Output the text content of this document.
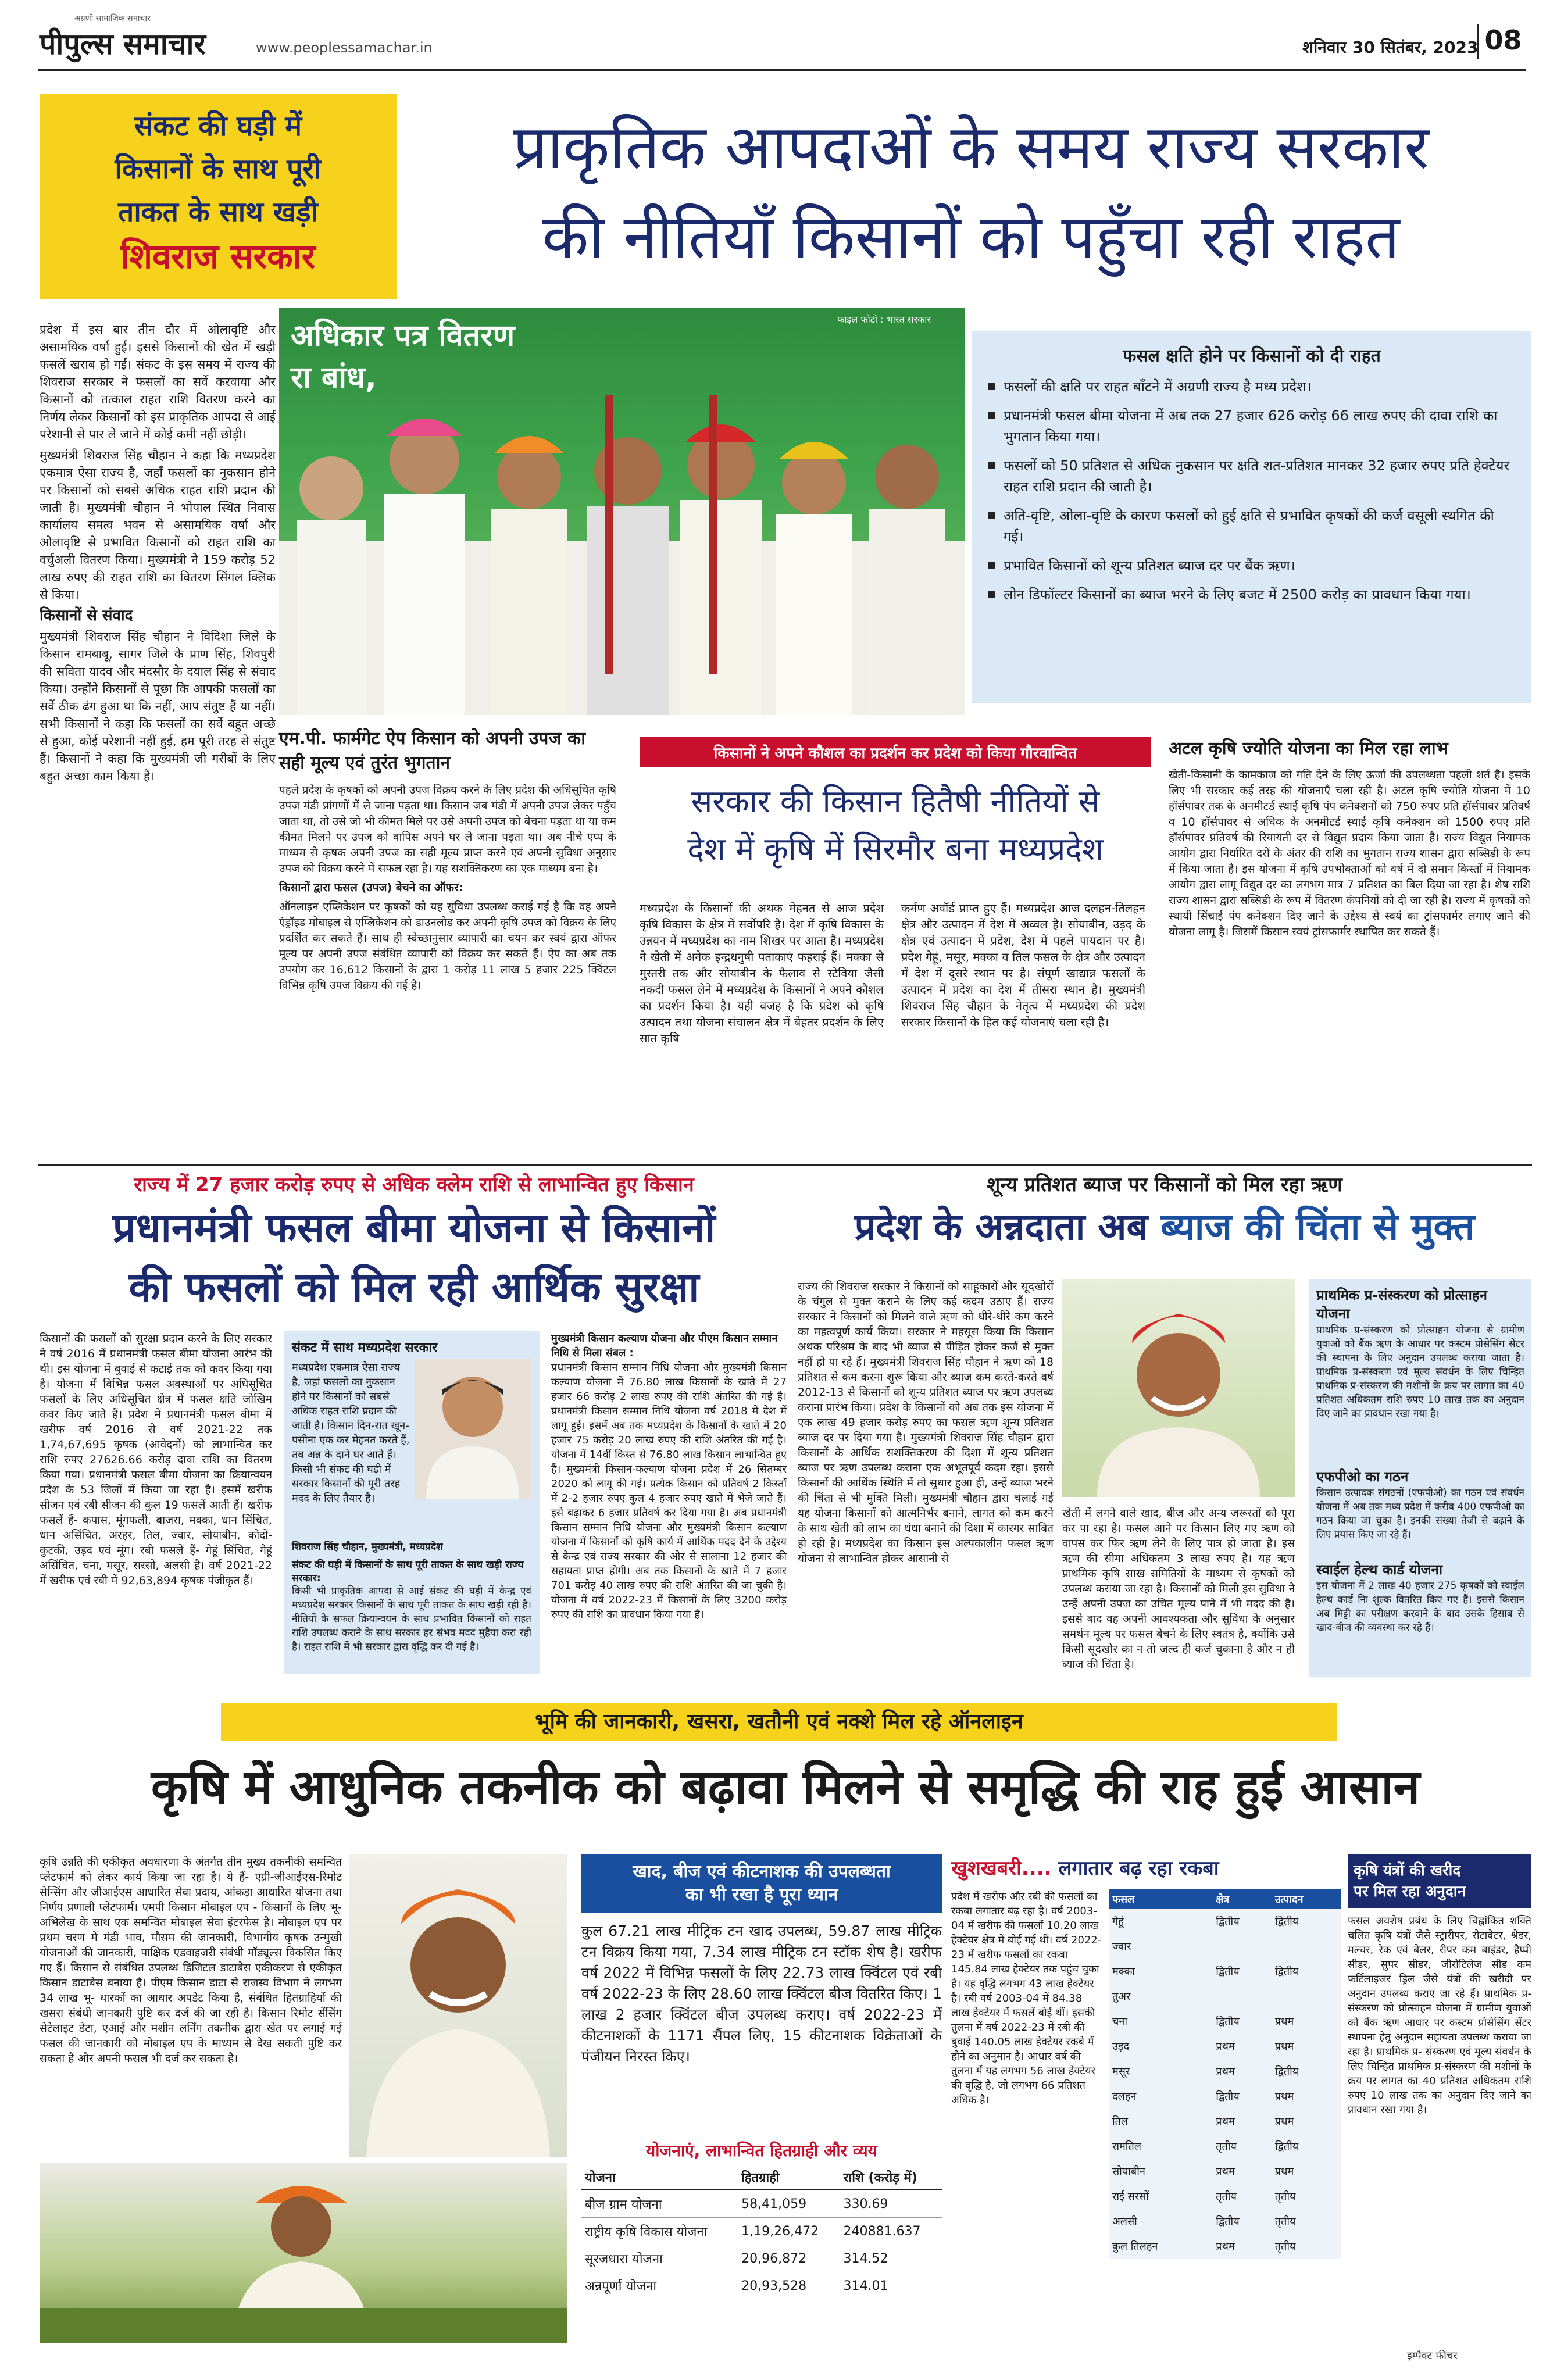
अग्रणी सामाजिक समाचार
पीपुल्स समाचार	www.peoplessamachar.in	शनिवार 30 सितंबर, 2023 08
संकट की घड़ी में
किसानों के साथ पूरी
ताकत के साथ खड़ी
शिवराज सरकार
प्राकृतिक आपदाओं के समय राज्य सरकार
की नीतियाँ किसानों को पहुँचा रही राहत

प्रदेश में इस बार तीन दौर में ओलावृष्टि और असामयिक वर्षा हुई। इससे किसानों की खेत में खड़ी फसलें खराब हो गईं। संकट के इस समय में राज्य की शिवराज सरकार ने फसलों का सर्वे करवाया और किसानों को तत्काल राहत राशि वितरण करने का निर्णय लेकर किसानों को इस प्राकृतिक आपदा से आई परेशानी से पार ले जाने में कोई कमी नहीं छोड़ी।

मुख्यमंत्री शिवराज सिंह चौहान ने कहा कि मध्यप्रदेश एकमात्र ऐसा राज्य है, जहाँ फसलों का नुकसान होने पर किसानों को सबसे अधिक राहत राशि प्रदान की जाती है। मुख्यमंत्री चौहान ने भोपाल स्थित निवास कार्यालय समत्व भवन से असामयिक वर्षा और ओलावृष्टि से प्रभावित किसानों को राहत राशि का वर्चुअली वितरण किया। मुख्यमंत्री ने 159 करोड़ 52 लाख रुपए की राहत राशि का वितरण सिंगल क्लिक से किया।

किसानों से संवाद

मुख्यमंत्री शिवराज सिंह चौहान ने विदिशा जिले के किसान रामबाबू, सागर जिले के प्राण सिंह, शिवपुरी की सविता यादव और मंदसौर के दयाल सिंह से संवाद किया। उन्होंने किसानों से पूछा कि आपकी फसलों का सर्वे ठीक ढंग हुआ था कि नहीं, आप संतुष्ट हैं या नहीं। सभी किसानों ने कहा कि फसलों का सर्वे बहुत अच्छे से हुआ, कोई परेशानी नहीं हुई, हम पूरी तरह से संतुष्ट हैं। किसानों ने कहा कि मुख्यमंत्री जी गरीबों के लिए बहुत अच्छा काम किया है।

अधिकार पत्र वितरण
रा बांध,
फाइल फोटो : भारत सरकार
फसल क्षति होने पर किसानों को दी राहत
फसलों की क्षति पर राहत बाँटने में अग्रणी राज्य है मध्य प्रदेश।
प्रधानमंत्री फसल बीमा योजना में अब तक 27 हजार 626 करोड़ 66 लाख रुपए की दावा राशि का भुगतान किया गया।
फसलों को 50 प्रतिशत से अधिक नुकसान पर क्षति शत-प्रतिशत मानकर 32 हजार रुपए प्रति हेक्टेयर राहत राशि प्रदान की जाती है।
अति-वृष्टि, ओला-वृष्टि के कारण फसलों को हुई क्षति से प्रभावित कृषकों की कर्ज वसूली स्थगित की गई।
प्रभावित किसानों को शून्य प्रतिशत ब्याज दर पर बैंक ऋण।
लोन डिफॉल्टर किसानों का ब्याज भरने के लिए बजट में 2500 करोड़ का प्रावधान किया गया।
एम.पी. फार्मगेट ऐप किसान को अपनी उपज का सही मूल्य एवं तुरंत भुगतान

पहले प्रदेश के कृषकों को अपनी उपज विक्रय करने के लिए प्रदेश की अधिसूचित कृषि उपज मंडी प्रांगणों में ले जाना पड़ता था। किसान जब मंडी में अपनी उपज लेकर पहुँच जाता था, तो उसे जो भी कीमत मिले पर उसे अपनी उपज को बेचना पड़ता था या कम कीमत मिलने पर उपज को वापिस अपने घर ले जाना पड़ता था। अब नीचे एप्प के माध्यम से कृषक अपनी उपज का सही मूल्य प्राप्त करने एवं अपनी सुविधा अनुसार उपज को विक्रय करने में सफल रहा है। यह सशक्तिकरण का एक माध्यम बना है।

किसानों द्वारा फसल (उपज) बेचने का ऑफर:

ऑनलाइन एप्लिकेशन पर कृषकों को यह सुविधा उपलब्ध कराई गई है कि वह अपने एंड्रॉइड मोबाइल से एप्लिकेशन को डाउनलोड कर अपनी कृषि उपज को विक्रय के लिए प्रदर्शित कर सकते हैं। साथ ही स्वेच्छानुसार व्यापारी का चयन कर स्वयं द्वारा ऑफर मूल्य पर अपनी उपज संबंधित व्यापारी को विक्रय कर सकते हैं। ऐप का अब तक उपयोग कर 16,612 किसानों के द्वारा 1 करोड़ 11 लाख 5 हजार 225 क्विंटल विभिन्न कृषि उपज विक्रय की गई है।

किसानों ने अपने कौशल का प्रदर्शन कर प्रदेश को किया गौरवान्वित
सरकार की किसान हितैषी नीतियों से
देश में कृषि में सिरमौर बना मध्यप्रदेश
मध्यप्रदेश के किसानों की अथक मेहनत से आज प्रदेश कृषि विकास के क्षेत्र में सर्वोपरि है। देश में कृषि विकास के उन्नयन में मध्यप्रदेश का नाम शिखर पर आता है। मध्यप्रदेश ने खेती में अनेक इन्द्रधनुषी पताकाएं फहराई हैं। मक्का से मुस्तरी तक और सोयाबीन के फैलाव से स्टेविया जैसी नकदी फसल लेने में मध्यप्रदेश के किसानों ने अपने कौशल का प्रदर्शन किया है। यही वजह है कि प्रदेश को कृषि उत्पादन तथा योजना संचालन क्षेत्र में बेहतर प्रदर्शन के लिए सात कृषि
कर्मण अवॉर्ड प्राप्त हुए हैं। मध्यप्रदेश आज दलहन-तिलहन क्षेत्र और उत्पादन में देश में अव्वल है। सोयाबीन, उड़द के क्षेत्र एवं उत्पादन में प्रदेश, देश में पहले पायदान पर है। प्रदेश गेहूं, मसूर, मक्का व तिल फसल के क्षेत्र और उत्पादन में देश में दूसरे स्थान पर है। संपूर्ण खाद्यान्न फसलों के उत्पादन में प्रदेश का देश में तीसरा स्थान है। मुख्यमंत्री शिवराज सिंह चौहान के नेतृत्व में मध्यप्रदेश की प्रदेश सरकार किसानों के हित कई योजनाएं चला रही है।
अटल कृषि ज्योति योजना का मिल रहा लाभ
खेती-किसानी के कामकाज को गति देने के लिए ऊर्जा की उपलब्धता पहली शर्त है। इसके लिए भी सरकार कई तरह की योजनाएँ चला रही है। अटल कृषि ज्योति योजना में 10 हॉर्सपावर तक के अनमीटर्ड स्थाई कृषि पंप कनेक्शनों को 750 रुपए प्रति हॉर्सपावर प्रतिवर्ष व 10 हॉर्सपावर से अधिक के अनमीटर्ड स्थाई कृषि कनेक्शन को 1500 रुपए प्रति हॉर्सपावर प्रतिवर्ष की रियायती दर से विद्युत प्रदाय किया जाता है। राज्य विद्युत नियामक आयोग द्वारा निर्धारित दरों के अंतर की राशि का भुगतान राज्य शासन द्वारा सब्सिडी के रूप में किया जाता है। इस योजना में कृषि उपभोक्ताओं को वर्ष में दो समान किस्तों में नियामक आयोग द्वारा लागू विद्युत दर का लगभग मात्र 7 प्रतिशत का बिल दिया जा रहा है। शेष राशि राज्य शासन द्वारा सब्सिडी के रूप में वितरण कंपनियों को दी जा रही है। राज्य में कृषकों को स्थायी सिंचाई पंप कनेक्शन दिए जाने के उद्देश्य से स्वयं का ट्रांसफार्मर लगाए जाने की योजना लागू है। जिसमें किसान स्वयं ट्रांसफार्मर स्थापित कर सकते हैं।
राज्य में 27 हजार करोड़ रुपए से अधिक क्लेम राशि से लाभान्वित हुए किसान
प्रधानमंत्री फसल बीमा योजना से किसानों
की फसलों को मिल रही आर्थिक सुरक्षा
किसानों की फसलों को सुरक्षा प्रदान करने के लिए सरकार ने वर्ष 2016 में प्रधानमंत्री फसल बीमा योजना आरंभ की थी। इस योजना में बुवाई से कटाई तक को कवर किया गया है। योजना में विभिन्न फसल अवस्थाओं पर अधिसूचित फसलों के लिए अधिसूचित क्षेत्र में फसल क्षति जोखिम कवर किए जाते हैं। प्रदेश में प्रधानमंत्री फसल बीमा में खरीफ वर्ष 2016 से वर्ष 2021-22 तक 1,74,67,695 कृषक (आवेदनों) को लाभान्वित कर राशि रुपए 27626.66 करोड़ दावा राशि का वितरण किया गया। प्रधानमंत्री फसल बीमा योजना का क्रियान्वयन प्रदेश के 53 जिलों में किया जा रहा है। इसमें खरीफ सीजन एवं रबी सीजन की कुल 19 फसलें आती हैं। खरीफ फसलें हैं- कपास, मूंगफली, बाजरा, मक्का, धान सिंचित, धान असिंचित, अरहर, तिल, ज्वार, सोयाबीन, कोदो-कुटकी, उड़द एवं मूंग। रबी फसलें हैं- गेहूं सिंचित, गेहूं असिंचित, चना, मसूर, सरसों, अलसी है। वर्ष 2021-22 में खरीफ एवं रबी में 92,63,894 कृषक पंजीकृत हैं।
संकट में साथ मध्यप्रदेश सरकार
मध्यप्रदेश एकमात्र ऐसा राज्य है, जहां फसलों का नुकसान होने पर किसानों को सबसे अधिक राहत राशि प्रदान की जाती है। किसान दिन-रात खून-पसीना एक कर मेहनत करते हैं, तब अन्न के दाने घर आते हैं। किसी भी संकट की घड़ी में सरकार किसानों की पूरी तरह मदद के लिए तैयार है।
शिवराज सिंह चौहान, मुख्यमंत्री, मध्यप्रदेश
संकट की घड़ी में किसानों के साथ पूरी ताकत के साथ खड़ी राज्य सरकार:
किसी भी प्राकृतिक आपदा से आई संकट की घड़ी में केन्द्र एवं मध्यप्रदेश सरकार किसानों के साथ पूरी ताकत के साथ खड़ी रही है। नीतियों के सफल क्रियान्वयन के साथ प्रभावित किसानों को राहत राशि उपलब्ध कराने के साथ सरकार हर संभव मदद मुहैया करा रही है। राहत राशि में भी सरकार द्वारा वृद्धि कर दी गई है।
मुख्यमंत्री किसान कल्याण योजना और पीएम किसान सम्मान निधि से मिला संबल :
प्रधानमंत्री किसान सम्मान निधि योजना और मुख्यमंत्री किसान कल्याण योजना में 76.80 लाख किसानों के खाते में 27 हजार 66 करोड़ 2 लाख रुपए की राशि अंतरित की गई है। प्रधानमंत्री किसान सम्मान निधि योजना वर्ष 2018 में देश में लागू हुई। इसमें अब तक मध्यप्रदेश के किसानों के खाते में 20 हजार 75 करोड़ 20 लाख रुपए की राशि अंतरित की गई है। योजना में 14वीं किस्त से 76.80 लाख किसान लाभान्वित हुए हैं। मुख्यमंत्री किसान-कल्याण योजना प्रदेश में 26 सितम्बर 2020 को लागू की गई। प्रत्येक किसान को प्रतिवर्ष 2 किस्तों में 2-2 हजार रुपए कुल 4 हजार रुपए खाते में भेजे जाते हैं। इसे बढ़ाकर 6 हजार प्रतिवर्ष कर दिया गया है। अब प्रधानमंत्री किसान सम्मान निधि योजना और मुख्यमंत्री किसान कल्याण योजना में किसानों को कृषि कार्य में आर्थिक मदद देने के उद्देश्य से केन्द्र एवं राज्य सरकार की ओर से सालाना 12 हजार की सहायता प्राप्त होगी। अब तक किसानों के खाते में 7 हजार 701 करोड़ 40 लाख रुपए की राशि अंतरित की जा चुकी है। योजना में वर्ष 2022-23 में किसानों के लिए 3200 करोड़ रुपए की राशि का प्रावधान किया गया है।
शून्य प्रतिशत ब्याज पर किसानों को मिल रहा ऋण
प्रदेश के अन्नदाता अब ब्याज की चिंता से मुक्त
राज्य की शिवराज सरकार ने किसानों को साहूकारों और सूदखोरों के चंगुल से मुक्त कराने के लिए कई कदम उठाए हैं। राज्य सरकार ने किसानों को मिलने वाले ऋण को धीरे-धीरे कम करने का महत्वपूर्ण कार्य किया। सरकार ने महसूस किया कि किसान अथक परिश्रम के बाद भी ब्याज से पीड़ित होकर कर्ज से मुक्त नहीं हो पा रहे हैं। मुख्यमंत्री शिवराज सिंह चौहान ने ऋण को 18 प्रतिशत से कम करना शुरू किया और ब्याज कम करते-करते वर्ष 2012-13 से किसानों को शून्य प्रतिशत ब्याज पर ऋण उपलब्ध कराना प्रारंभ किया। प्रदेश के किसानों को अब तक इस योजना में एक लाख 49 हजार करोड़ रुपए का फसल ऋण शून्य प्रतिशत ब्याज दर पर दिया गया है। मुख्यमंत्री शिवराज सिंह चौहान द्वारा किसानों के आर्थिक सशक्तिकरण की दिशा में शून्य प्रतिशत ब्याज पर ऋण उपलब्ध कराना एक अभूतपूर्व कदम रहा। इससे किसानों की आर्थिक स्थिति में तो सुधार हुआ ही, उन्हें ब्याज भरने की चिंता से भी मुक्ति मिली। मुख्यमंत्री चौहान द्वारा चलाई गई यह योजना किसानों को आत्मनिर्भर बनाने, लागत को कम करने के साथ खेती को लाभ का धंधा बनाने की दिशा में कारगर साबित हो रही है। मध्यप्रदेश का किसान इस अल्पकालीन फसल ऋण योजना से लाभान्वित होकर आसानी से
खेती में लगने वाले खाद, बीज और अन्य जरूरतों को पूरा कर पा रहा है। फसल आने पर किसान लिए गए ऋण को वापस कर फिर ऋण लेने के लिए पात्र हो जाता है। इस ऋण की सीमा अधिकतम 3 लाख रुपए है। यह ऋण प्राथमिक कृषि साख समितियों के माध्यम से कृषकों को उपलब्ध कराया जा रहा है। किसानों को मिली इस सुविधा ने उन्हें अपनी उपज का उचित मूल्य पाने में भी मदद की है। इससे बाद वह अपनी आवश्यकता और सुविधा के अनुसार समर्थन मूल्य पर फसल बेचने के लिए स्वतंत्र है, क्योंकि उसे किसी सूदखोर का न तो जल्द ही कर्ज चुकाना है और न ही ब्याज की चिंता है।
प्राथमिक प्र-संस्करण को प्रोत्साहन योजना
प्राथमिक प्र-संस्करण को प्रोत्साहन योजना से ग्रामीण युवाओं को बैंक ऋण के आधार पर कस्टम प्रोसेसिंग सेंटर की स्थापना के लिए अनुदान उपलब्ध कराया जाता है। प्राथमिक प्र-संस्करण एवं मूल्य संवर्धन के लिए चिन्हित प्राथमिक प्र-संस्करण की मशीनों के क्रय पर लागत का 40 प्रतिशत अधिकतम राशि रुपए 10 लाख तक का अनुदान दिए जाने का प्रावधान रखा गया है।
एफपीओ का गठन
किसान उत्पादक संगठनों (एफपीओ) का गठन एवं संवर्धन योजना में अब तक मध्य प्रदेश में करीब 400 एफपीओ का गठन किया जा चुका है। इनकी संख्या तेजी से बढ़ाने के लिए प्रयास किए जा रहे हैं।
स्वाईल हेल्थ कार्ड योजना
इस योजना में 2 लाख 40 हजार 275 कृषकों को स्वाईल हेल्थ कार्ड निः शुल्क वितरित किए गए हैं। इससे किसान अब मिट्टी का परीक्षण करवाने के बाद उसके हिसाब से खाद-बीज की व्यवस्था कर रहे हैं।
भूमि की जानकारी, खसरा, खतौनी एवं नक्शे मिल रहे ऑनलाइन
कृषि में आधुनिक तकनीक को बढ़ावा मिलने से समृद्धि की राह हुई आसान
कृषि उन्नति की एकीकृत अवधारणा के अंतर्गत तीन मुख्य तकनीकी समन्वित प्लेटफार्म को लेकर कार्य किया जा रहा है। ये हैं- एग्री-जीआईएस-रिमोट सेन्सिंग और जीआईएस आधारित सेवा प्रदाय, आंकड़ा आधारित योजना तथा निर्णय प्रणाली प्लेटफार्म। एमपी किसान मोबाइल एप - किसानों के लिए भू-अभिलेख के साथ एक समन्वित मोबाइल सेवा इंटरफेस है। मोबाइल एप पर प्रथम चरण में मंडी भाव, मौसम की जानकारी, विभागीय कृषक उन्मुखी योजनाओं की जानकारी, पाक्षिक एडवाइजरी संबंधी मॉड्यूल्स विकसित किए गए हैं। किसान से संबंधित उपलब्ध डिजिटल डाटाबेस एकीकरण से एकीकृत किसान डाटाबेस बनाया है। पीएम किसान डाटा से राजस्व विभाग ने लगभग 34 लाख भू- धारकों का आधार अपडेट किया है, संबंधित हितग्राहियों की खसरा संबंधी जानकारी पुष्टि कर दर्ज की जा रही है। किसान रिमोट सेंसिंग सेटेलाइट डेटा, एआई और मशीन लर्निंग तकनीक द्वारा खेत पर लगाई गई फसल की जानकारी को मोबाइल एप के माध्यम से देख सकती पुष्टि कर सकता है और अपनी फसल भी दर्ज कर सकता है।
खाद, बीज एवं कीटनाशक की उपलब्धता
का भी रखा है पूरा ध्यान
कुल 67.21 लाख मीट्रिक टन खाद उपलब्ध, 59.87 लाख मीट्रिक टन विक्रय किया गया, 7.34 लाख मीट्रिक टन स्टॉक शेष है। खरीफ वर्ष 2022 में विभिन्न फसलों के लिए 22.73 लाख क्विंटल एवं रबी वर्ष 2022-23 के लिए 28.60 लाख क्विंटल बीज वितरित किए। 1 लाख 2 हजार क्विंटल बीज उपलब्ध कराए। वर्ष 2022-23 में कीटनाशकों के 1171 सैंपल लिए, 15 कीटनाशक विक्रेताओं के पंजीयन निरस्त किए।
योजनाएं, लाभान्वित हितग्राही और व्यय
योजना	हितग्राही	राशि (करोड़ में)
बीज ग्राम योजना	58,41,059	330.69
राष्ट्रीय कृषि विकास योजना	1,19,26,472	240881.637
सूरजधारा योजना	20,96,872	314.52
अन्नपूर्णा योजना	20,93,528	314.01
खुशखबरी.... लगातार बढ़ रहा रकबा
प्रदेश में खरीफ और रबी की फसलों का रकबा लगातार बढ़ रहा है। वर्ष 2003-04 में खरीफ की फसलों 10.20 लाख हेक्टेयर क्षेत्र में बोई गई थीं। वर्ष 2022-23 में खरीफ फसलों का रकबा 145.84 लाख हेक्टेयर तक पहुंच चुका है। यह वृद्धि लगभग 43 लाख हेक्टेयर है। रबी वर्ष 2003-04 में 84.38 लाख हेक्टेयर में फसलें बोई थीं। इसकी तुलना में वर्ष 2022-23 में रबी की बुवाई 140.05 लाख हेक्टेयर रकबे में होने का अनुमान है। आधार वर्ष की तुलना में यह लगभग 56 लाख हेक्टेयर की वृद्धि है, जो लगभग 66 प्रतिशत अधिक है।
फसल	क्षेत्र	उत्पादन
गेहूं	द्वितीय	द्वितीय
ज्वार		
मक्का	द्वितीय	द्वितीय
तुअर		
चना	द्वितीय	प्रथम
उड़द	प्रथम	प्रथम
मसूर	प्रथम	द्वितीय
दलहन	द्वितीय	प्रथम
तिल	प्रथम	प्रथम
रामतिल	तृतीय	द्वितीय
सोयाबीन	प्रथम	प्रथम
राई सरसों	तृतीय	तृतीय
अलसी	द्वितीय	तृतीय
कुल तिलहन	प्रथम	तृतीय
कृषि यंत्रों की खरीद
पर मिल रहा अनुदान
फसल अवशेष प्रबंध के लिए चिह्नांकित शक्ति चलित कृषि यंत्रों जैसे स्ट्रारीपर, रोटावेटर, श्रेडर, मल्चर, रेक एवं बेलर, रीपर कम बाइंडर, हैप्पी सीडर, सुपर सीडर, जीरोटिलेज सीड कम फर्टिलाइजर ड्रिल जैसे यंत्रों की खरीदी पर अनुदान उपलब्ध कराए जा रहे हैं। प्राथमिक प्र-संस्करण को प्रोत्साहन योजना में ग्रामीण युवाओं को बैंक ऋण आधार पर कस्टम प्रोसेसिंग सेंटर स्थापना हेतु अनुदान सहायता उपलब्ध कराया जा रहा है। प्राथमिक प्र- संस्करण एवं मूल्य संवर्धन के लिए चिन्हित प्राथमिक प्र-संस्करण की मशीनों के क्रय पर लागत का 40 प्रतिशत अधिकतम राशि रुपए 10 लाख तक का अनुदान दिए जाने का प्रावधान रखा गया है।
इम्पैक्ट फीचर
